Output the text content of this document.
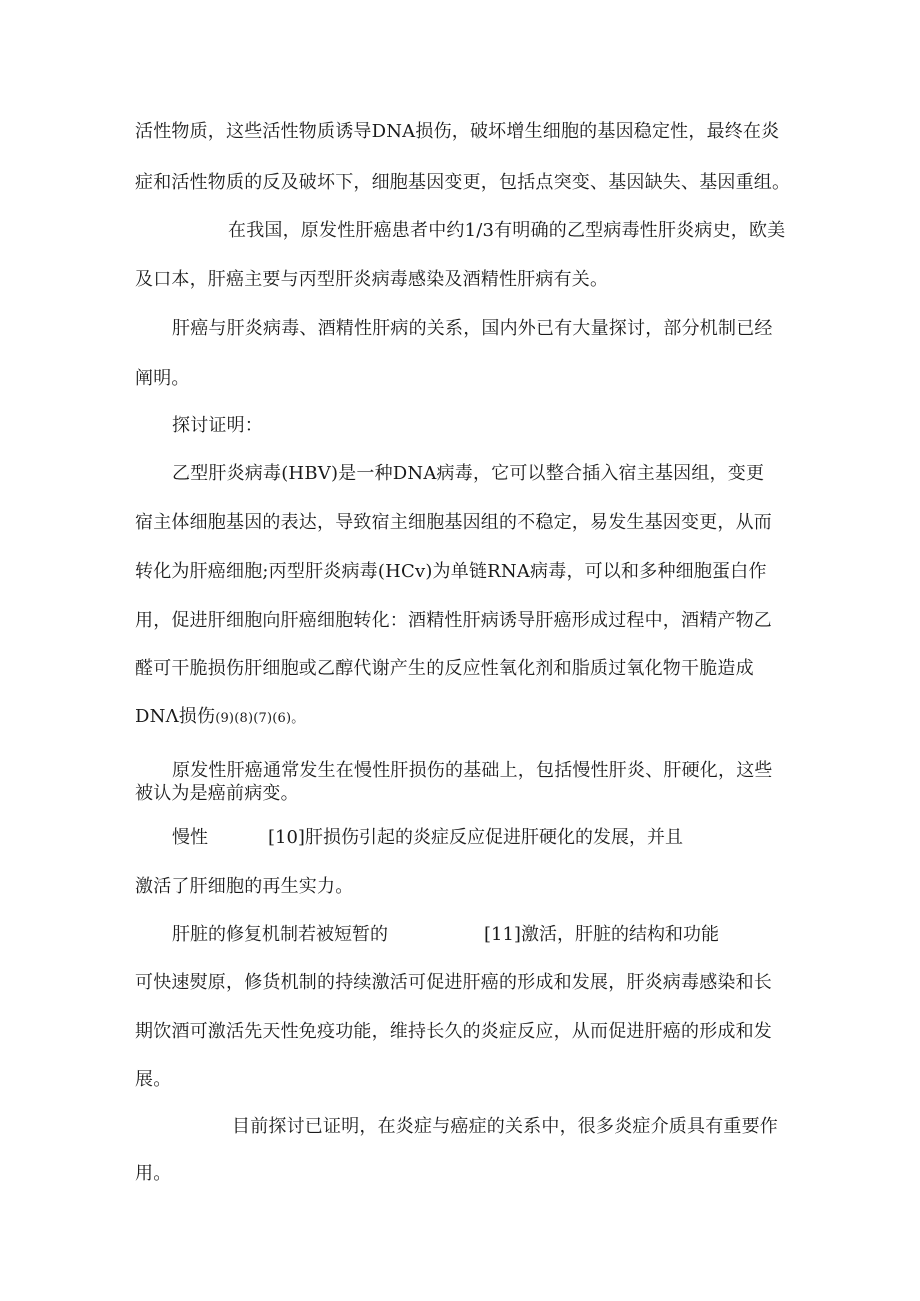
活性物质，这些活性物质诱导DNA损伤，破坏增生细胞的基因稳定性，最终在炎
症和活性物质的反及破坏下，细胞基因变更，包括点突变、基因缺失、基因重组。
在我国，原发性肝癌患者中约1/3有明确的乙型病毒性肝炎病史，欧美
及口本，肝癌主要与丙型肝炎病毒感染及酒精性肝病有关。
肝癌与肝炎病毒、酒精性肝病的关系，国内外已有大量探讨，部分机制已经
阐明。
探讨证明：
乙型肝炎病毒(HBV)是一种DNA病毒，它可以整合插入宿主基因组，变更
宿主体细胞基因的表达，导致宿主细胞基因组的不稳定，易发生基因变更，从而
转化为肝癌细胞;丙型肝炎病毒(HCv)为单链RNA病毒，可以和多种细胞蛋白作
用，促进肝细胞向肝癌细胞转化：酒精性肝病诱导肝癌形成过程中，酒精产物乙
醛可干脆损伤肝细胞或乙醇代谢产生的反应性氧化剂和脂质过氧化物干脆造成
DNΛ损伤(9)(8)(7)(6)。
原发性肝癌通常发生在慢性肝损伤的基础上，包括慢性肝炎、肝硬化，这些
被认为是癌前病变。
慢性	[10]肝损伤引起的炎症反应促进肝硬化的发展，并且
激活了肝细胞的再生实力。
肝脏的修复机制若被短暂的	[11]激活，肝脏的结构和功能
可快速熨原，修货机制的持续激活可促进肝癌的形成和发展，肝炎病毒感染和长
期饮酒可激活先天性免疫功能，维持长久的炎症反应，从而促进肝癌的形成和发
展。
目前探讨已证明，在炎症与癌症的关系中，很多炎症介质具有重要作
用。
